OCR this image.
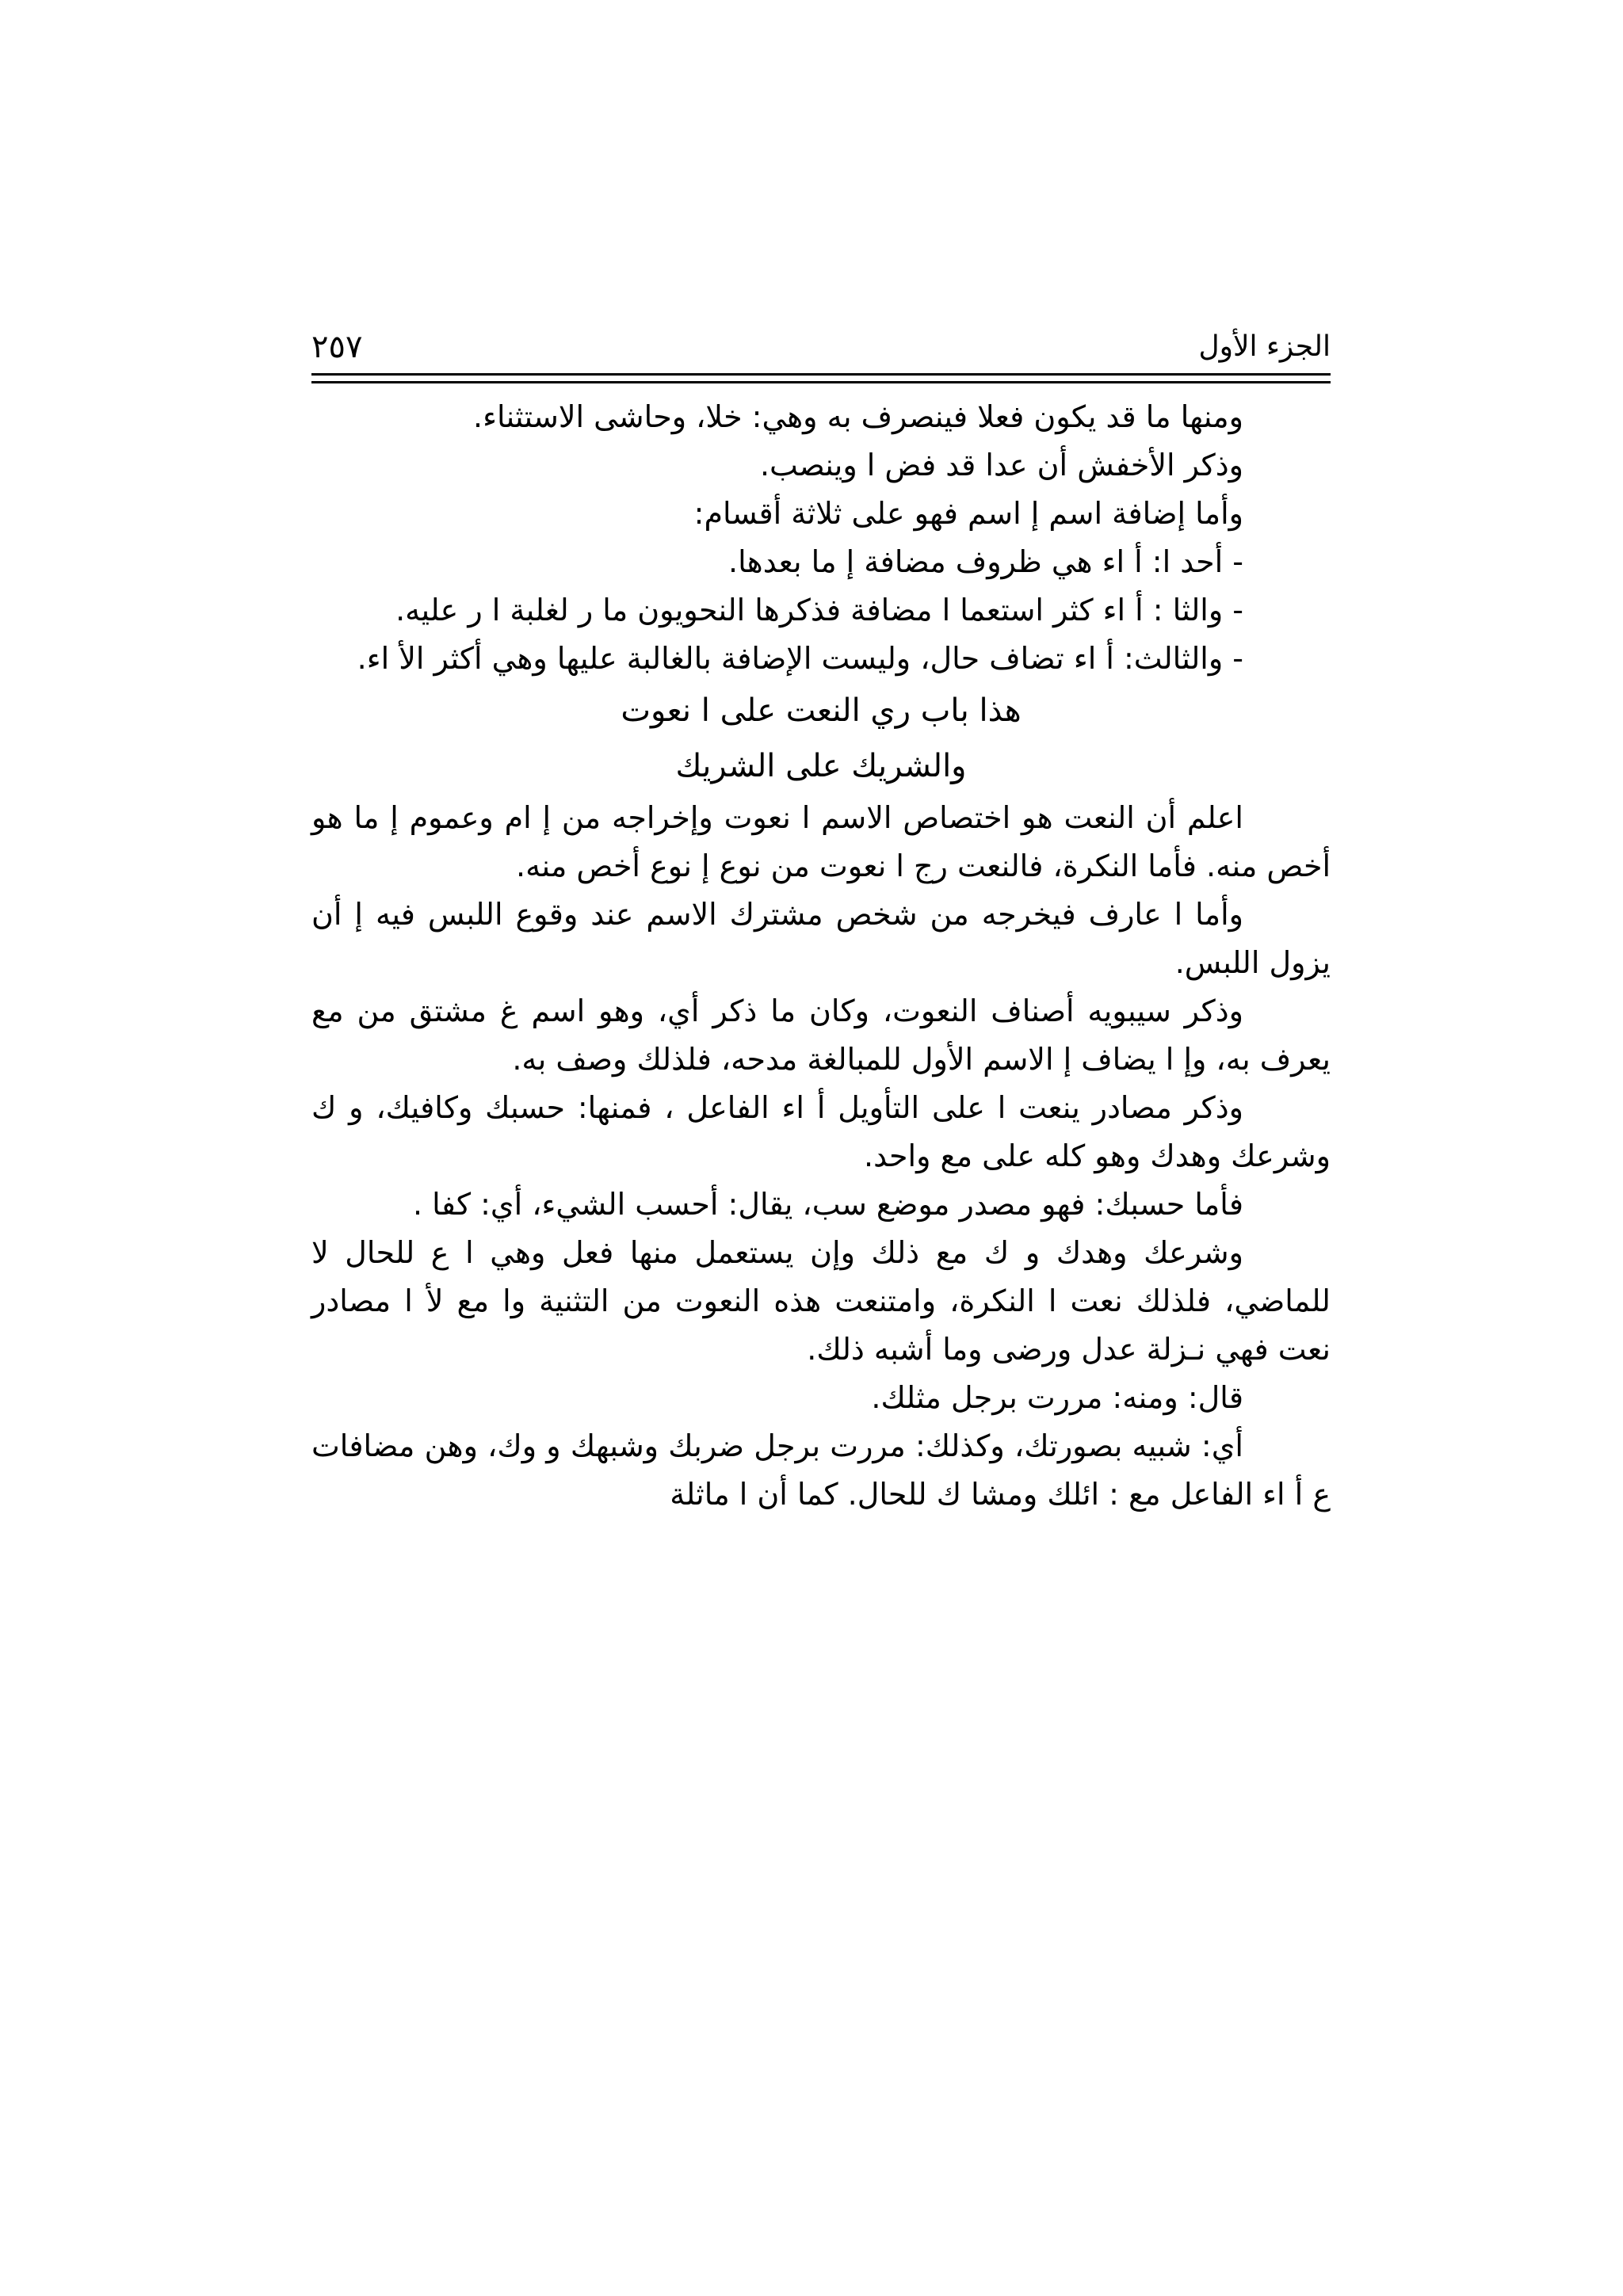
٢٥٧	الجزء الأول

ومنها ما قد يكون فعلا فينصرف به وهي: خلا، وحاشى الاستثناء.

وذكر الأخفش أن عدا قد فض ا وينصب.

وأما إضافة اسم إ اسم فهو على ثلاثة أقسام:

- أحد ا: أ اء هي ظروف مضافة إ ما بعدها.

- والثا : أ اء كثر استعما ا مضافة فذكرها النحويون ما ر لغلبة ا ر عليه.

- والثالث: أ اء تضاف حال، وليست الإضافة بالغالبة عليها وهي أكثر الأ اء.

هذا باب ري النعت على ا نعوت

والشريك على الشريك

اعلم أن النعت هو اختصاص الاسم ا نعوت وإخراجه من إ ام وعموم إ ما هو أخص منه. فأما النكرة، فالنعت رج ا نعوت من نوع إ نوع أخص منه.

وأما ا عارف فيخرجه من شخص مشترك الاسم عند وقوع اللبس فيه إ أن يزول اللبس.

وذكر سيبويه أصناف النعوت، وكان ما ذكر أي، وهو اسم غ مشتق من مع يعرف به، وإ ا يضاف إ الاسم الأول للمبالغة مدحه، فلذلك وصف به.

وذكر مصادر ينعت ا على التأويل أ اء الفاعل ، فمنها: حسبك وكافيك، و ك وشرعك وهدك وهو كله على مع واحد.

فأما حسبك: فهو مصدر موضع سب، يقال: أحسب الشيء، أي: كفا .

وشرعك وهدك و ك مع ذلك وإن يستعمل منها فعل وهي ا ع للحال لا للماضي، فلذلك نعت ا النكرة، وامتنعت هذه النعوت من التثنية وا مع لأ ا مصادر نعت فهي نـزلة عدل ورضى وما أشبه ذلك.

قال: ومنه: مررت برجل مثلك.

أي: شبيه بصورتك، وكذلك: مررت برجل ضربك وشبهك و وك، وهن مضافات ع أ اء الفاعل مع : ائلك ومشا ك للحال. كما أن ا ماثلة
